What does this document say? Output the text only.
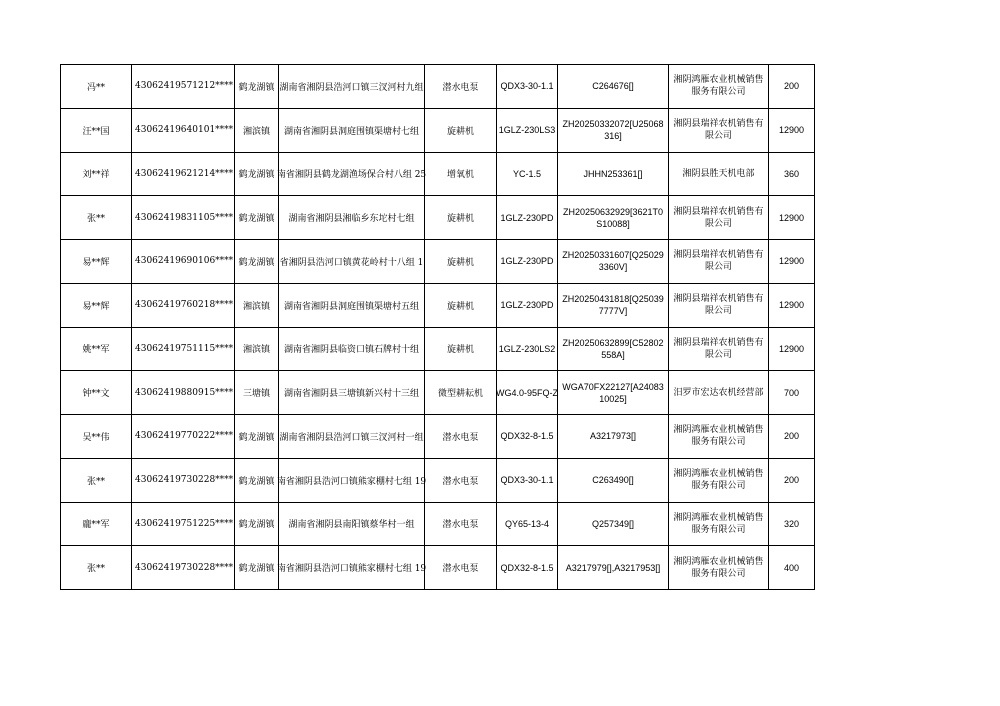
冯**	43062419571212****	鹤龙湖镇	湖南省湘阴县浩河口镇三汊河村九组	潜水电泵	QDX3-30-1.1	C264676[]	湘阴鸿雁农业机械销售服务有限公司	200
汪**国	43062419640101****	湘滨镇	湖南省湘阴县洞庭围镇渠塘村七组	旋耕机	1GLZ-230LS3	ZH20250332072[U25068316]	湘阴县瑞祥农机销售有限公司	12900
刘**祥	43062419621214****	鹤龙湖镇	南省湘阴县鹤龙湖渔场保合村八组 25	增氧机	YC-1.5	JHHN253361[]	湘阴县胜天机电部	360
张**	43062419831105****	鹤龙湖镇	湖南省湘阴县湘临乡东坨村七组	旋耕机	1GLZ-230PD	ZH20250632929[3621T0S10088]	湘阴县瑞祥农机销售有限公司	12900
易**辉	43062419690106****	鹤龙湖镇	省湘阴县浩河口镇黄花岭村十八组 1	旋耕机	1GLZ-230PD	ZH20250331607[Q250293360V]	湘阴县瑞祥农机销售有限公司	12900
易**辉	43062419760218****	湘滨镇	湖南省湘阴县洞庭围镇渠塘村五组	旋耕机	1GLZ-230PD	ZH20250431818[Q250397777V]	湘阴县瑞祥农机销售有限公司	12900
姚**军	43062419751115****	湘滨镇	湖南省湘阴县临资口镇石牌村十组	旋耕机	1GLZ-230LS2	ZH20250632899[C52802558A]	湘阴县瑞祥农机销售有限公司	12900
钟**文	43062419880915****	三塘镇	湖南省湘阴县三塘镇新兴村十三组	微型耕耘机	WG4.0-95FQ-Z	WGA70FX22127[A2408310025]	汨罗市宏达农机经营部	700
吴**伟	43062419770222****	鹤龙湖镇	湖南省湘阴县浩河口镇三汊河村一组	潜水电泵	QDX32-8-1.5	A3217973[]	湘阴鸿雁农业机械销售服务有限公司	200
张**	43062419730228****	鹤龙湖镇	南省湘阴县浩河口镇熊家棚村七组 19	潜水电泵	QDX3-30-1.1	C263490[]	湘阴鸿雁农业机械销售服务有限公司	200
龐**军	43062419751225****	鹤龙湖镇	湖南省湘阴县南阳镇蔡华村一组	潜水电泵	QY65-13-4	Q257349[]	湘阴鸿雁农业机械销售服务有限公司	320
张**	43062419730228****	鹤龙湖镇	南省湘阴县浩河口镇熊家棚村七组 19	潜水电泵	QDX32-8-1.5	A3217979[],A3217953[]	湘阴鸿雁农业机械销售服务有限公司	400
